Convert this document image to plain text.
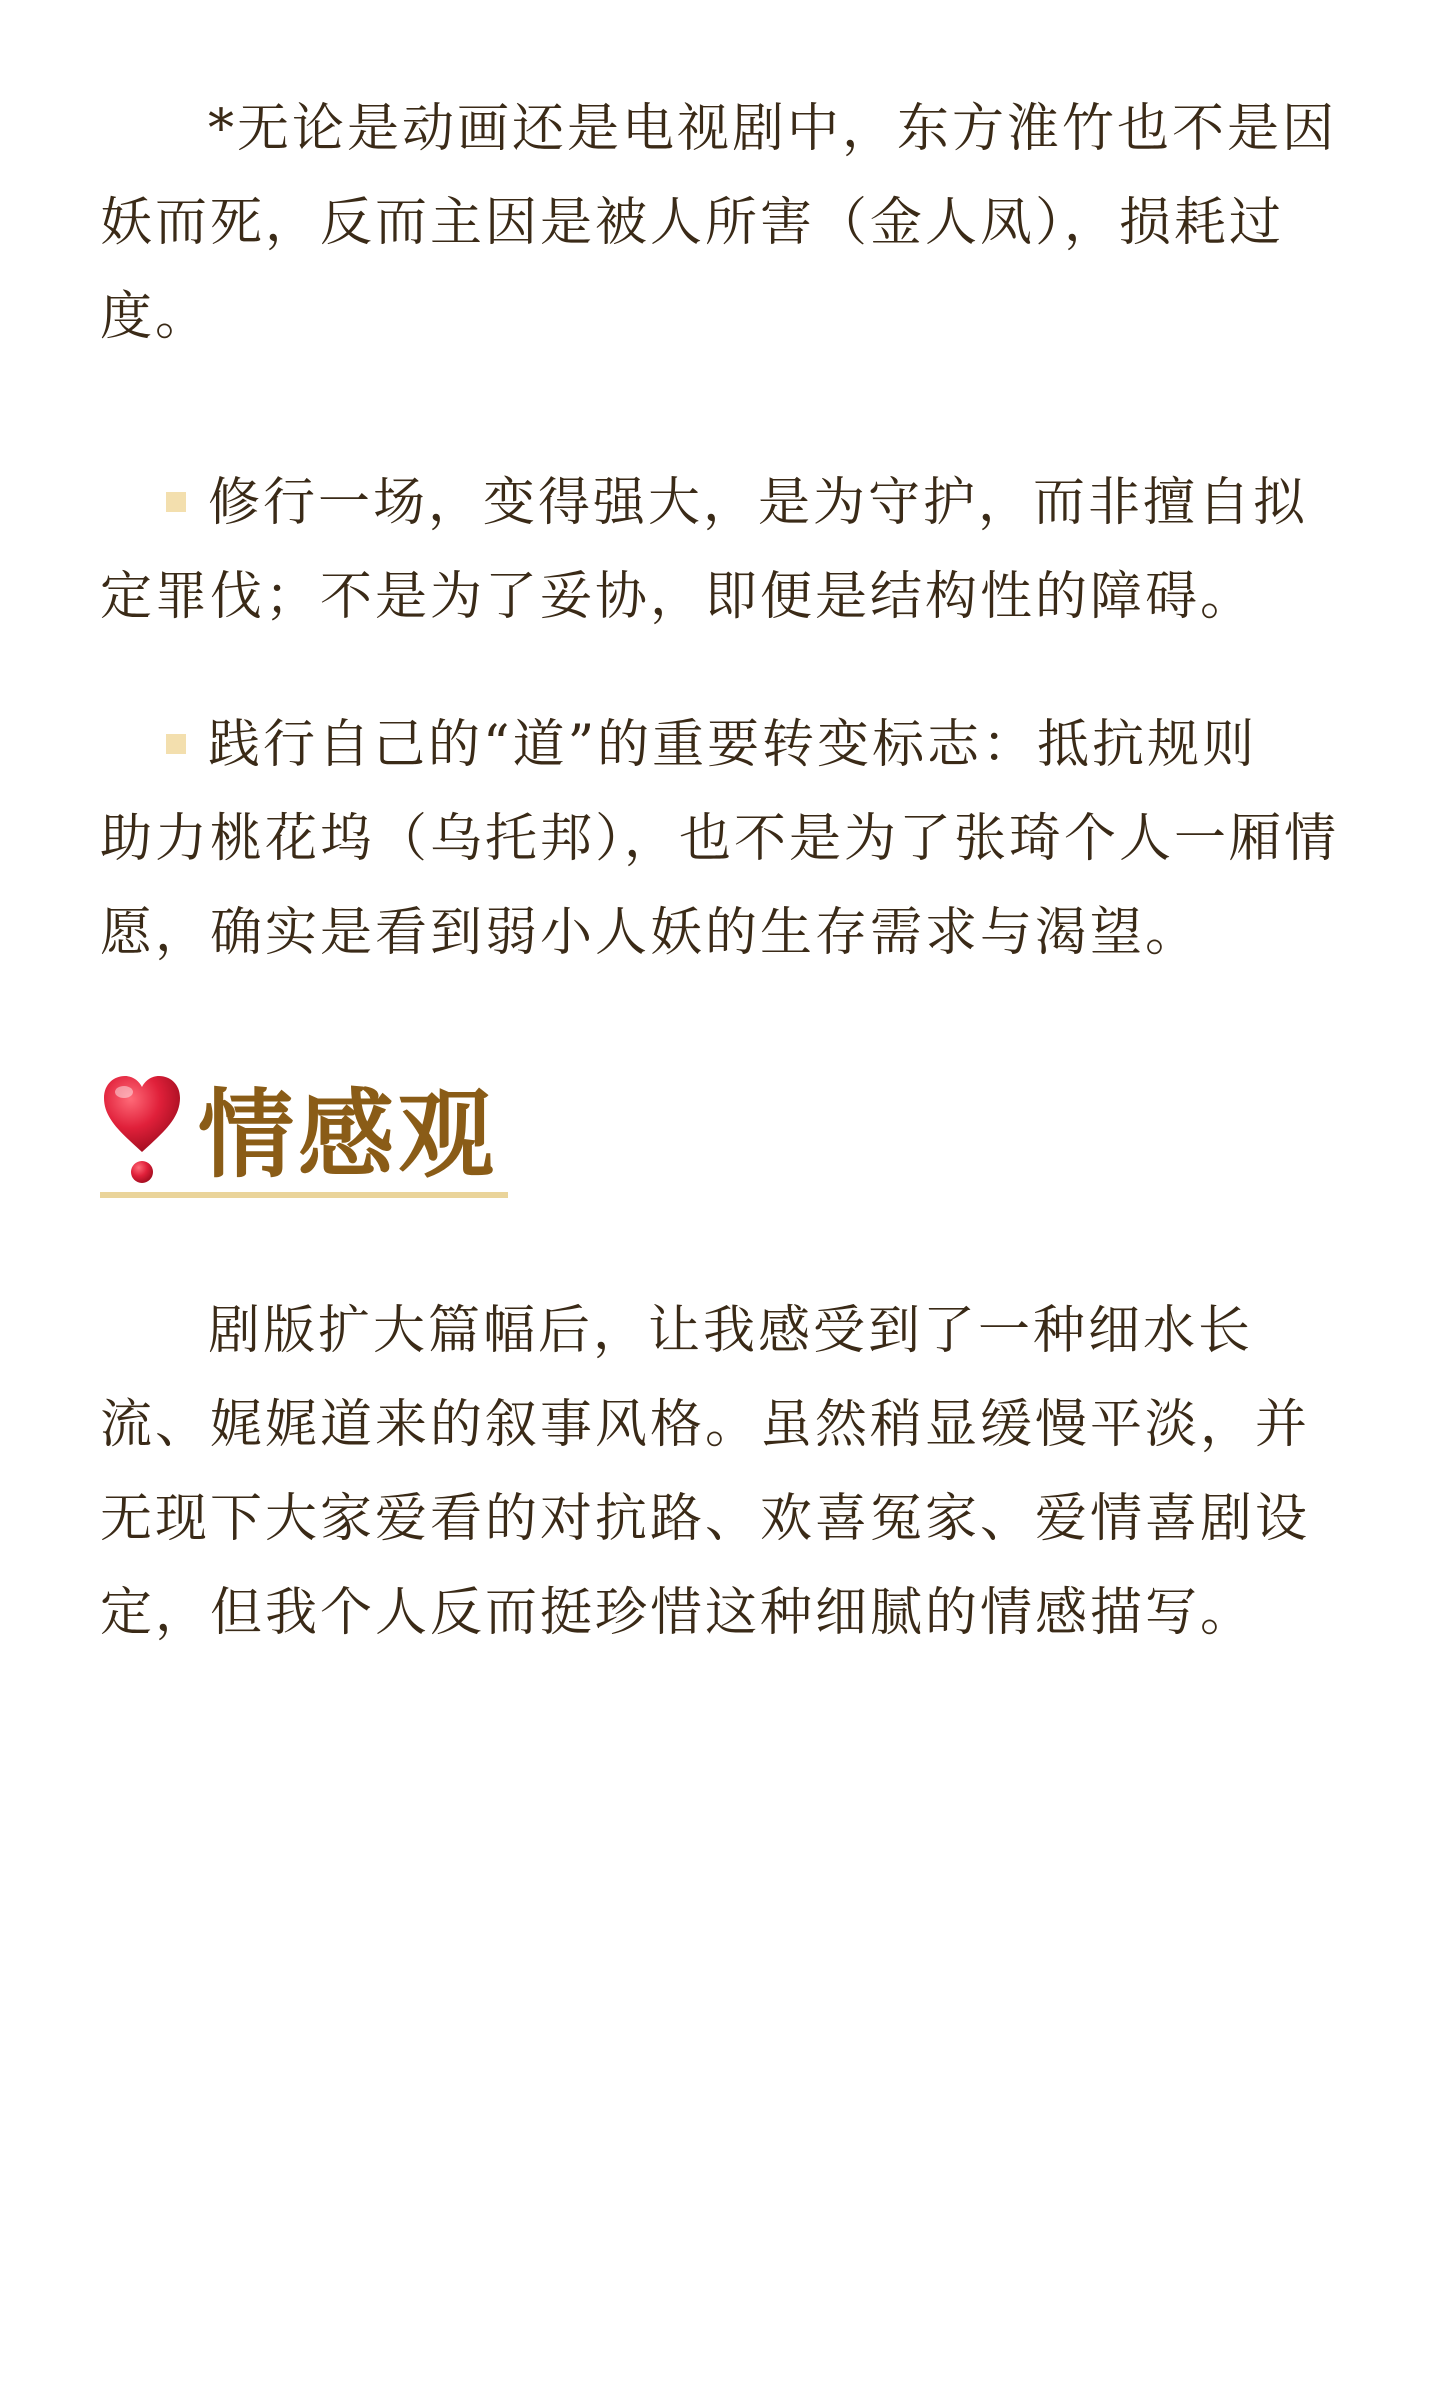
*无论是动画还是电视剧中，东方淮竹也不是因妖而死，反而主因是被人所害（金人凤），损耗过度。

修行一场，变得强大，是为守护，而非擅自拟
定罪伐；不是为了妥协，即便是结构性的障碍。

践行自己的“道”的重要转变标志：抵抗规则
助力桃花坞（乌托邦），也不是为了张琦个人一厢情愿，确实是看到弱小人妖的生存需求与渴望。

情感观

剧版扩大篇幅后，让我感受到了一种细水长流、娓娓道来的叙事风格。虽然稍显缓慢平淡，并无现下大家爱看的对抗路、欢喜冤家、爱情喜剧设定，但我个人反而挺珍惜这种细腻的情感描写。
